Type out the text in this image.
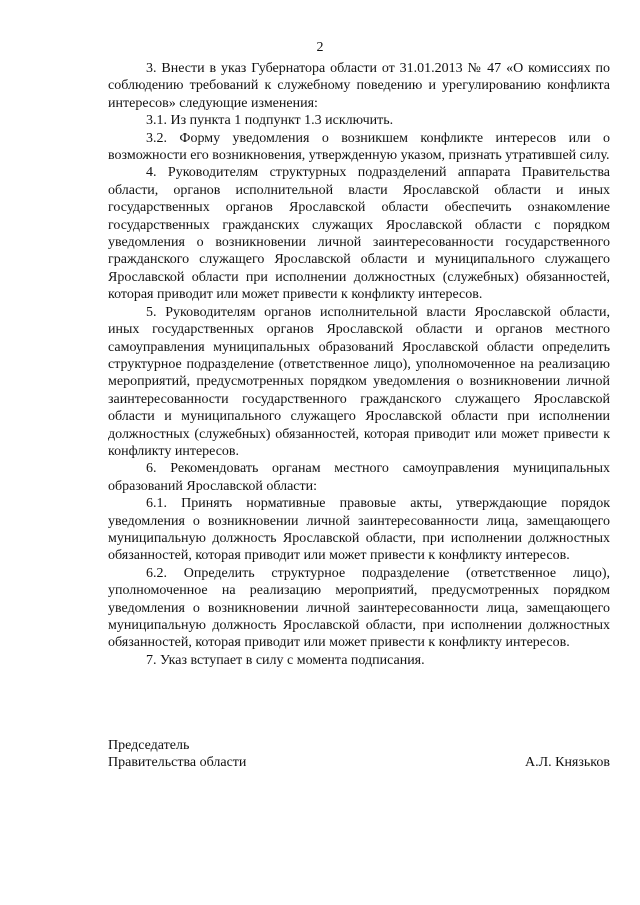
2

3. Внести в указ Губернатора области от 31.01.2013 № 47 «О комиссиях по соблюдению требований к служебному поведению и урегулированию конфликта интересов» следующие изменения:

3.1. Из пункта 1 подпункт 1.3 исключить.

3.2. Форму уведомления о возникшем конфликте интересов или о возможности его возникновения, утвержденную указом, признать утратившей силу.

4. Руководителям структурных подразделений аппарата Правительства области, органов исполнительной власти Ярославской области и иных государственных органов Ярославской области обеспечить ознакомление государственных гражданских служащих Ярославской области с порядком уведомления о возникновении личной заинтересованности государственного гражданского служащего Ярославской области и муниципального служащего Ярославской области при исполнении должностных (служебных) обязанностей, которая приводит или может привести к конфликту интересов.

5. Руководителям органов исполнительной власти Ярославской области, иных государственных органов Ярославской области и органов местного самоуправления муниципальных образований Ярославской области определить структурное подразделение (ответственное лицо), уполномоченное на реализацию мероприятий, предусмотренных порядком уведомления о возникновении личной заинтересованности государственного гражданского служащего Ярославской области и муниципального служащего Ярославской области при исполнении должностных (служебных) обязанностей, которая приводит или может привести к конфликту интересов.

6. Рекомендовать органам местного самоуправления муниципальных образований Ярославской области:

6.1. Принять нормативные правовые акты, утверждающие порядок уведомления о возникновении личной заинтересованности лица, замещающего муниципальную должность Ярославской области, при исполнении должностных обязанностей, которая приводит или может привести к конфликту интересов.

6.2. Определить структурное подразделение (ответственное лицо), уполномоченное на реализацию мероприятий, предусмотренных порядком уведомления о возникновении личной заинтересованности лица, замещающего муниципальную должность Ярославской области, при исполнении должностных обязанностей, которая приводит или может привести к конфликту интересов.

7. Указ вступает в силу с момента подписания.

Председатель
Правительства области	А.Л. Князьков
